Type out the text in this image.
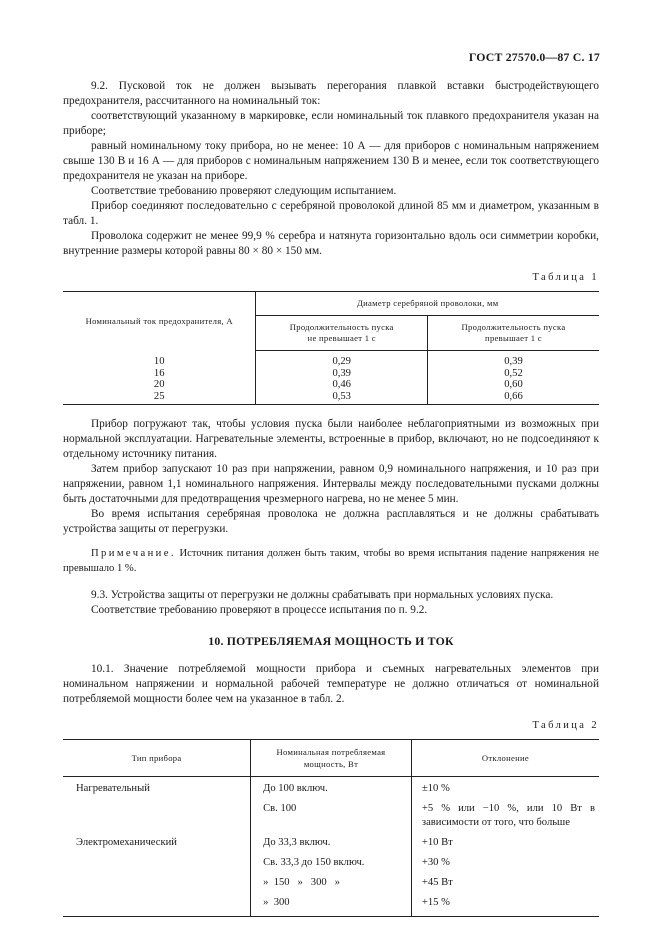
ГОСТ 27570.0—87 С. 17

9.2. Пусковой ток не должен вызывать перегорания плавкой вставки быстродействующего предохранителя, рассчитанного на номинальный ток:

соответствующий указанному в маркировке, если номинальный ток плавкого предохранителя указан на приборе;

равный номинальному току прибора, но не менее: 10 А — для приборов с номинальным напряжением свыше 130 В и 16 А — для приборов с номинальным напряжением 130 В и менее, если ток соответствующего предохранителя не указан на приборе.

Соответствие требованию проверяют следующим испытанием.

Прибор соединяют последовательно с серебряной проволокой длиной 85 мм и диаметром, указанным в табл. 1.

Проволока содержит не менее 99,9 % серебра и натянута горизонтально вдоль оси симметрии коробки, внутренние размеры которой равны 80 × 80 × 150 мм.

Таблица 1
Номинальный ток предохранителя, А	Диаметр серебряной проволоки, мм	
	Продолжительность пуска не превышает 1 с	Продолжительность пуска превышает 1 с
10	0,29	0,39
16	0,39	0,52
20	0,46	0,60
25	0,53	0,66

Прибор погружают так, чтобы условия пуска были наиболее неблагоприятными из возможных при нормальной эксплуатации. Нагревательные элементы, встроенные в прибор, включают, но не подсоединяют к отдельному источнику питания.

Затем прибор запускают 10 раз при напряжении, равном 0,9 номинального напряжения, и 10 раз при напряжении, равном 1,1 номинального напряжения. Интервалы между последовательными пусками должны быть достаточными для предотвращения чрезмерного нагрева, но не менее 5 мин.

Во время испытания серебряная проволока не должна расплавляться и не должны срабатывать устройства защиты от перегрузки.

Примечание. Источник питания должен быть таким, чтобы во время испытания падение напряжения не превышало 1 %.

9.3. Устройства защиты от перегрузки не должны срабатывать при нормальных условиях пуска.

Соответствие требованию проверяют в процессе испытания по п. 9.2.

10. ПОТРЕБЛЯЕМАЯ МОЩНОСТЬ И ТОК

10.1. Значение потребляемой мощности прибора и съемных нагревательных элементов при номинальном напряжении и нормальной рабочей температуре не должно отличаться от номинальной потребляемой мощности более чем на указанное в табл. 2.

Таблица 2
Тип прибора	Номинальная потребляемая мощность, Вт	Отклонение
Нагревательный	До 100 включ.	±10 %
	Св. 100	+5 % или −10 %, или 10 Вт в зависимости от того, что больше
Электромеханический	До 33,3 включ.	+10 Вт
	Св. 33,3 до 150 включ.	+30 %
	»  150   »   300   »	+45 Вт
	»  300	+15 %
